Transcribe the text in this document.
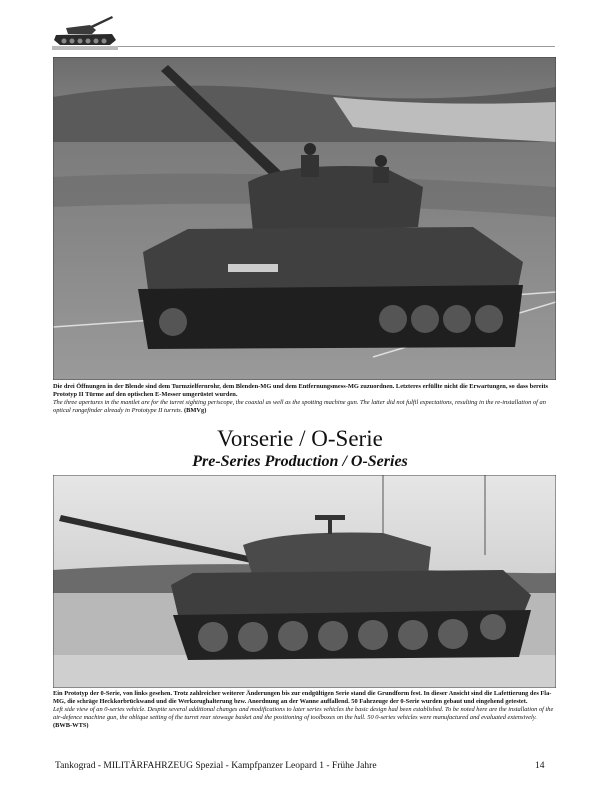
Die drei Öffnungen in der Blende sind dem Turmzielfernrohr, dem Blenden-MG und dem Entfernungsmess-MG zuzuordnen. Letzteres erfüllte nicht die Erwartungen, so dass bereits Prototyp II Türme auf den optischen E-Messer umgerüstet wurden.

The three apertures in the mantlet are for the turret sighting periscope, the coaxial as well as the spotting machine gun. The latter did not fulfil expectations, resulting in the re-installation of an optical rangefinder already in Prototype II turrets. (BMVg)

Vorserie / O-Serie
Pre-Series Production / O-Series

Ein Prototyp der 0-Serie, von links gesehen. Trotz zahlreicher weiterer Änderungen bis zur endgültigen Serie stand die Grundform fest. In dieser Ansicht sind die Lafettierung des Fla-MG, die schräge Heckkorbrückwand und die Werkzeughalterung bzw. Anordnung an der Wanne auffallend. 50 Fahrzeuge der 0-Serie wurden gebaut und eingehend getestet.

Left side view of an 0-series vehicle. Despite several additional changes and modifications to later series vehicles the basic design had been established. To be noted here are the installation of the air-defence machine gun, the oblique setting of the turret rear stowage basket and the positioning of toolboxes on the hull. 50 0-series vehicles were manufactured and evaluated extensively. (BWB-WTS)

Tankograd - MILITÄRFAHRZEUG Spezial - Kampfpanzer Leopard 1 - Frühe Jahre	14
